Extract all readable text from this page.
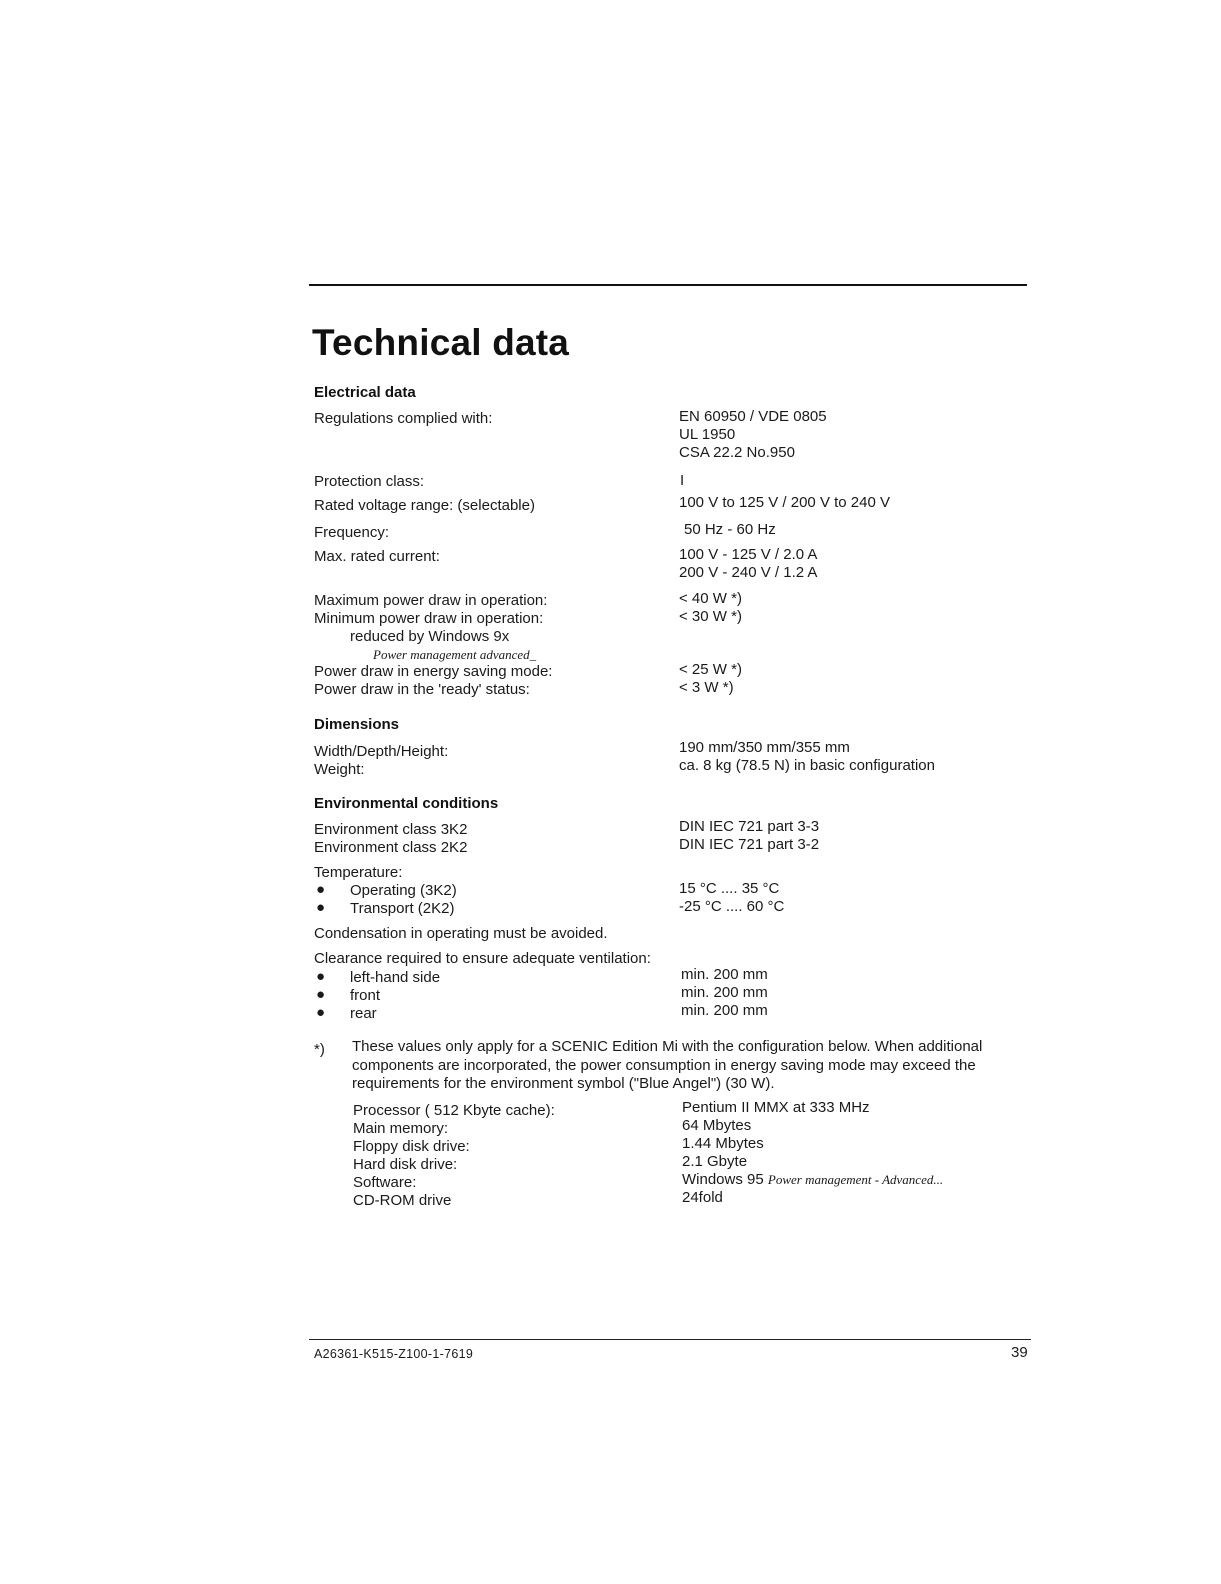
Technical data
Electrical data
Regulations complied with:	EN 60950 / VDE 0805
UL 1950
CSA 22.2 No.950
Protection class:	I
Rated voltage range: (selectable)	100 V to 125 V / 200 V to 240 V
Frequency:	50 Hz - 60 Hz
Max. rated current:	100 V - 125 V / 2.0 A
200 V - 240 V / 1.2 A
Maximum power draw in operation:	< 40 W *)
Minimum power draw in operation:	< 30 W *)
reduced by Windows 9x
Power management advanced_
Power draw in energy saving mode:	< 25 W *)
Power draw in the 'ready' status:	< 3 W *)
Dimensions
Width/Depth/Height:	190 mm/350 mm/355 mm
Weight:	ca. 8 kg (78.5 N) in basic configuration
Environmental conditions
Environment class 3K2	DIN IEC 721 part 3-3
Environment class 2K2	DIN IEC 721 part 3-2
Temperature:
● Operating (3K2)	15 °C .... 35 °C
● Transport (2K2)	-25 °C .... 60 °C
Condensation in operating must be avoided.
Clearance required to ensure adequate ventilation:
● left-hand side	min. 200 mm
● front	min. 200 mm
● rear	min. 200 mm
*) These values only apply for a SCENIC Edition Mi with the configuration below. When additional components are incorporated, the power consumption in energy saving mode may exceed the requirements for the environment symbol ("Blue Angel") (30 W).
Processor ( 512 Kbyte cache):	Pentium II MMX at 333 MHz
Main memory:	64 Mbytes
Floppy disk drive:	1.44 Mbytes
Hard disk drive:	2.1 Gbyte
Software:	Windows 95 Power management - Advanced...
CD-ROM drive	24fold
A26361-K515-Z100-1-7619	39
